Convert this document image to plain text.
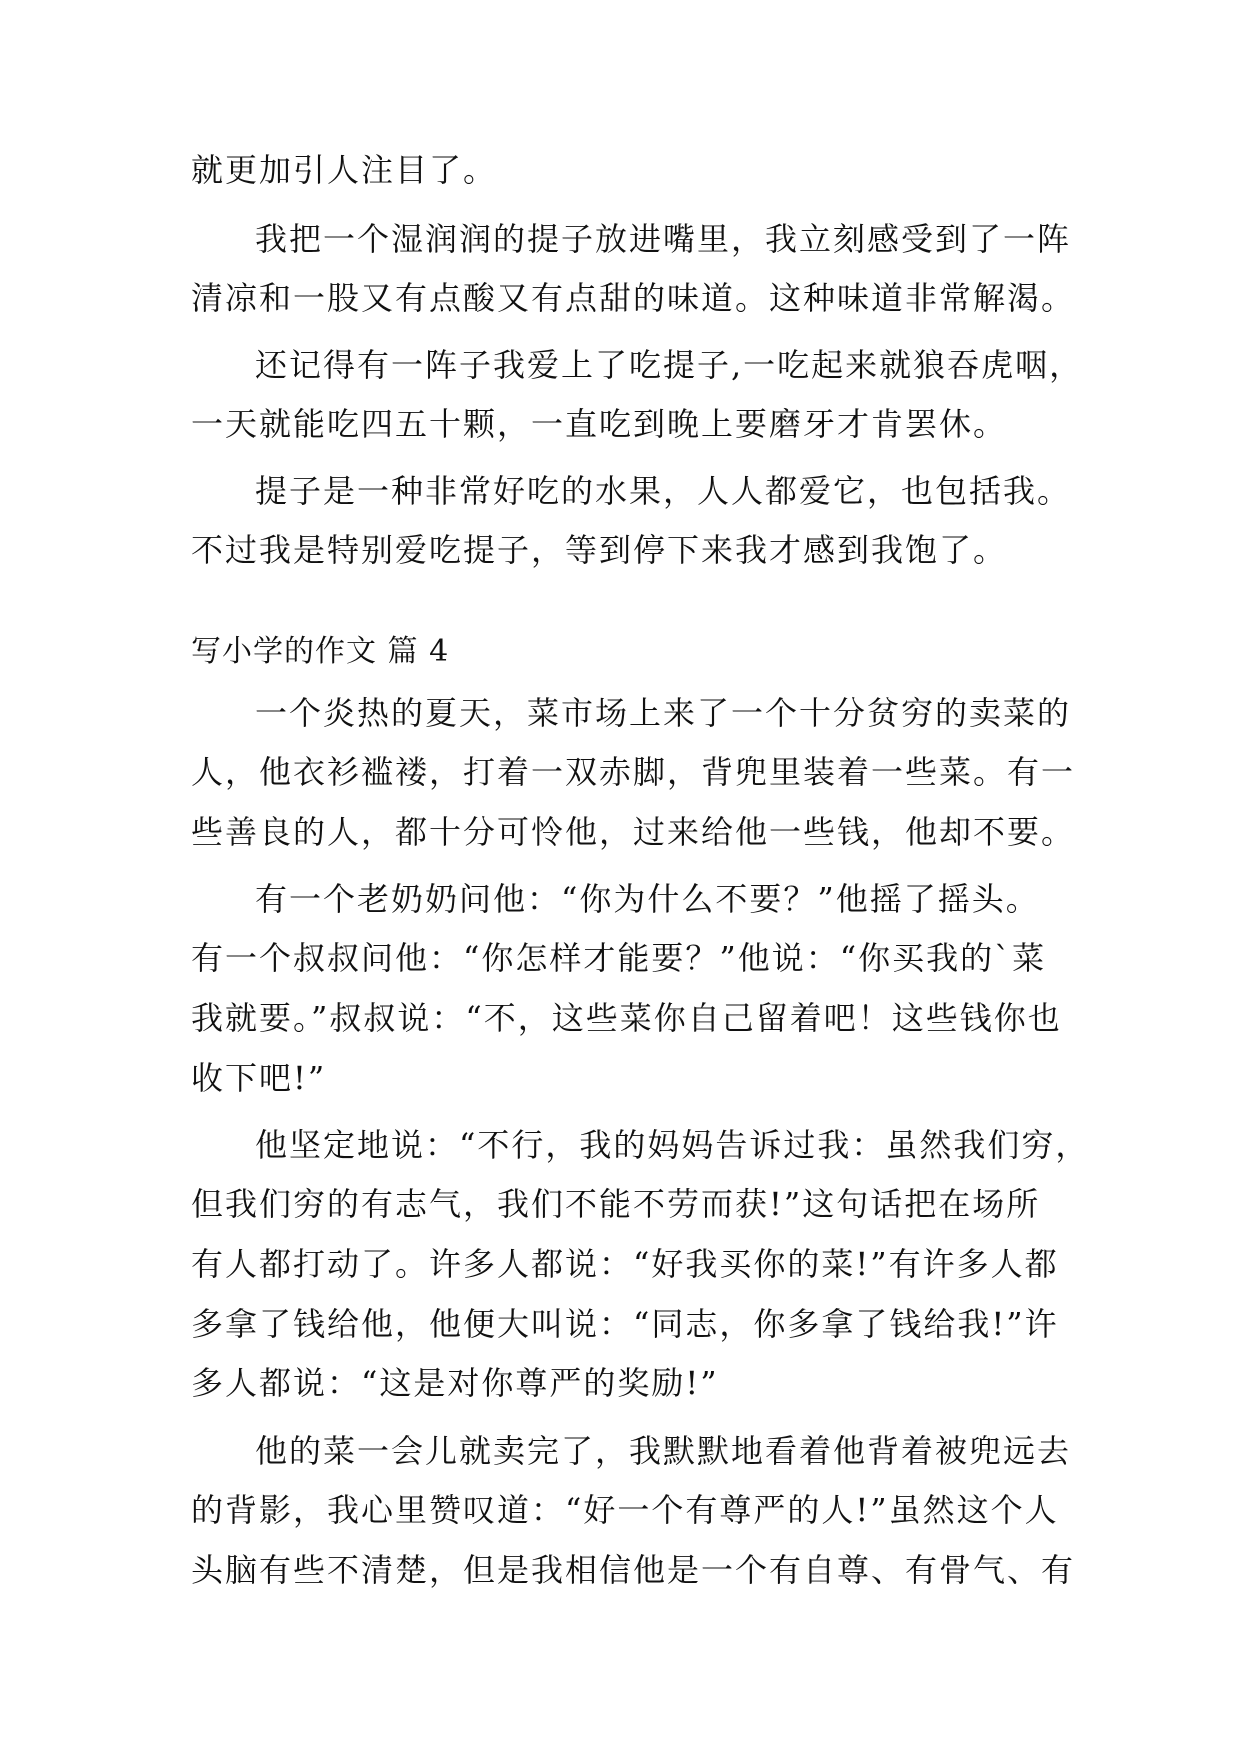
就更加引人注目了。
我把一个湿润润的提子放进嘴里，我立刻感受到了一阵
清凉和一股又有点酸又有点甜的味道。这种味道非常解渴。
还记得有一阵子我爱上了吃提子,一吃起来就狼吞虎咽，
一天就能吃四五十颗，一直吃到晚上要磨牙才肯罢休。
提子是一种非常好吃的水果，人人都爱它，也包括我。
不过我是特别爱吃提子，等到停下来我才感到我饱了。
写小学的作文 篇 4
一个炎热的夏天，菜市场上来了一个十分贫穷的卖菜的
人，他衣衫褴褛，打着一双赤脚，背兜里装着一些菜。有一
些善良的人，都十分可怜他，过来给他一些钱，他却不要。
有一个老奶奶问他：“你为什么不要？”他摇了摇头。
有一个叔叔问他：“你怎样才能要？”他说：“你买我的`菜
我就要。”叔叔说：“不，这些菜你自己留着吧！这些钱你也
收下吧!”
他坚定地说：“不行，我的妈妈告诉过我：虽然我们穷，
但我们穷的有志气，我们不能不劳而获!”这句话把在场所
有人都打动了。许多人都说：“好我买你的菜!”有许多人都
多拿了钱给他，他便大叫说：“同志，你多拿了钱给我!”许
多人都说：“这是对你尊严的奖励!”
他的菜一会儿就卖完了，我默默地看着他背着被兜远去
的背影，我心里赞叹道：“好一个有尊严的人!”虽然这个人
头脑有些不清楚，但是我相信他是一个有自尊、有骨气、有
